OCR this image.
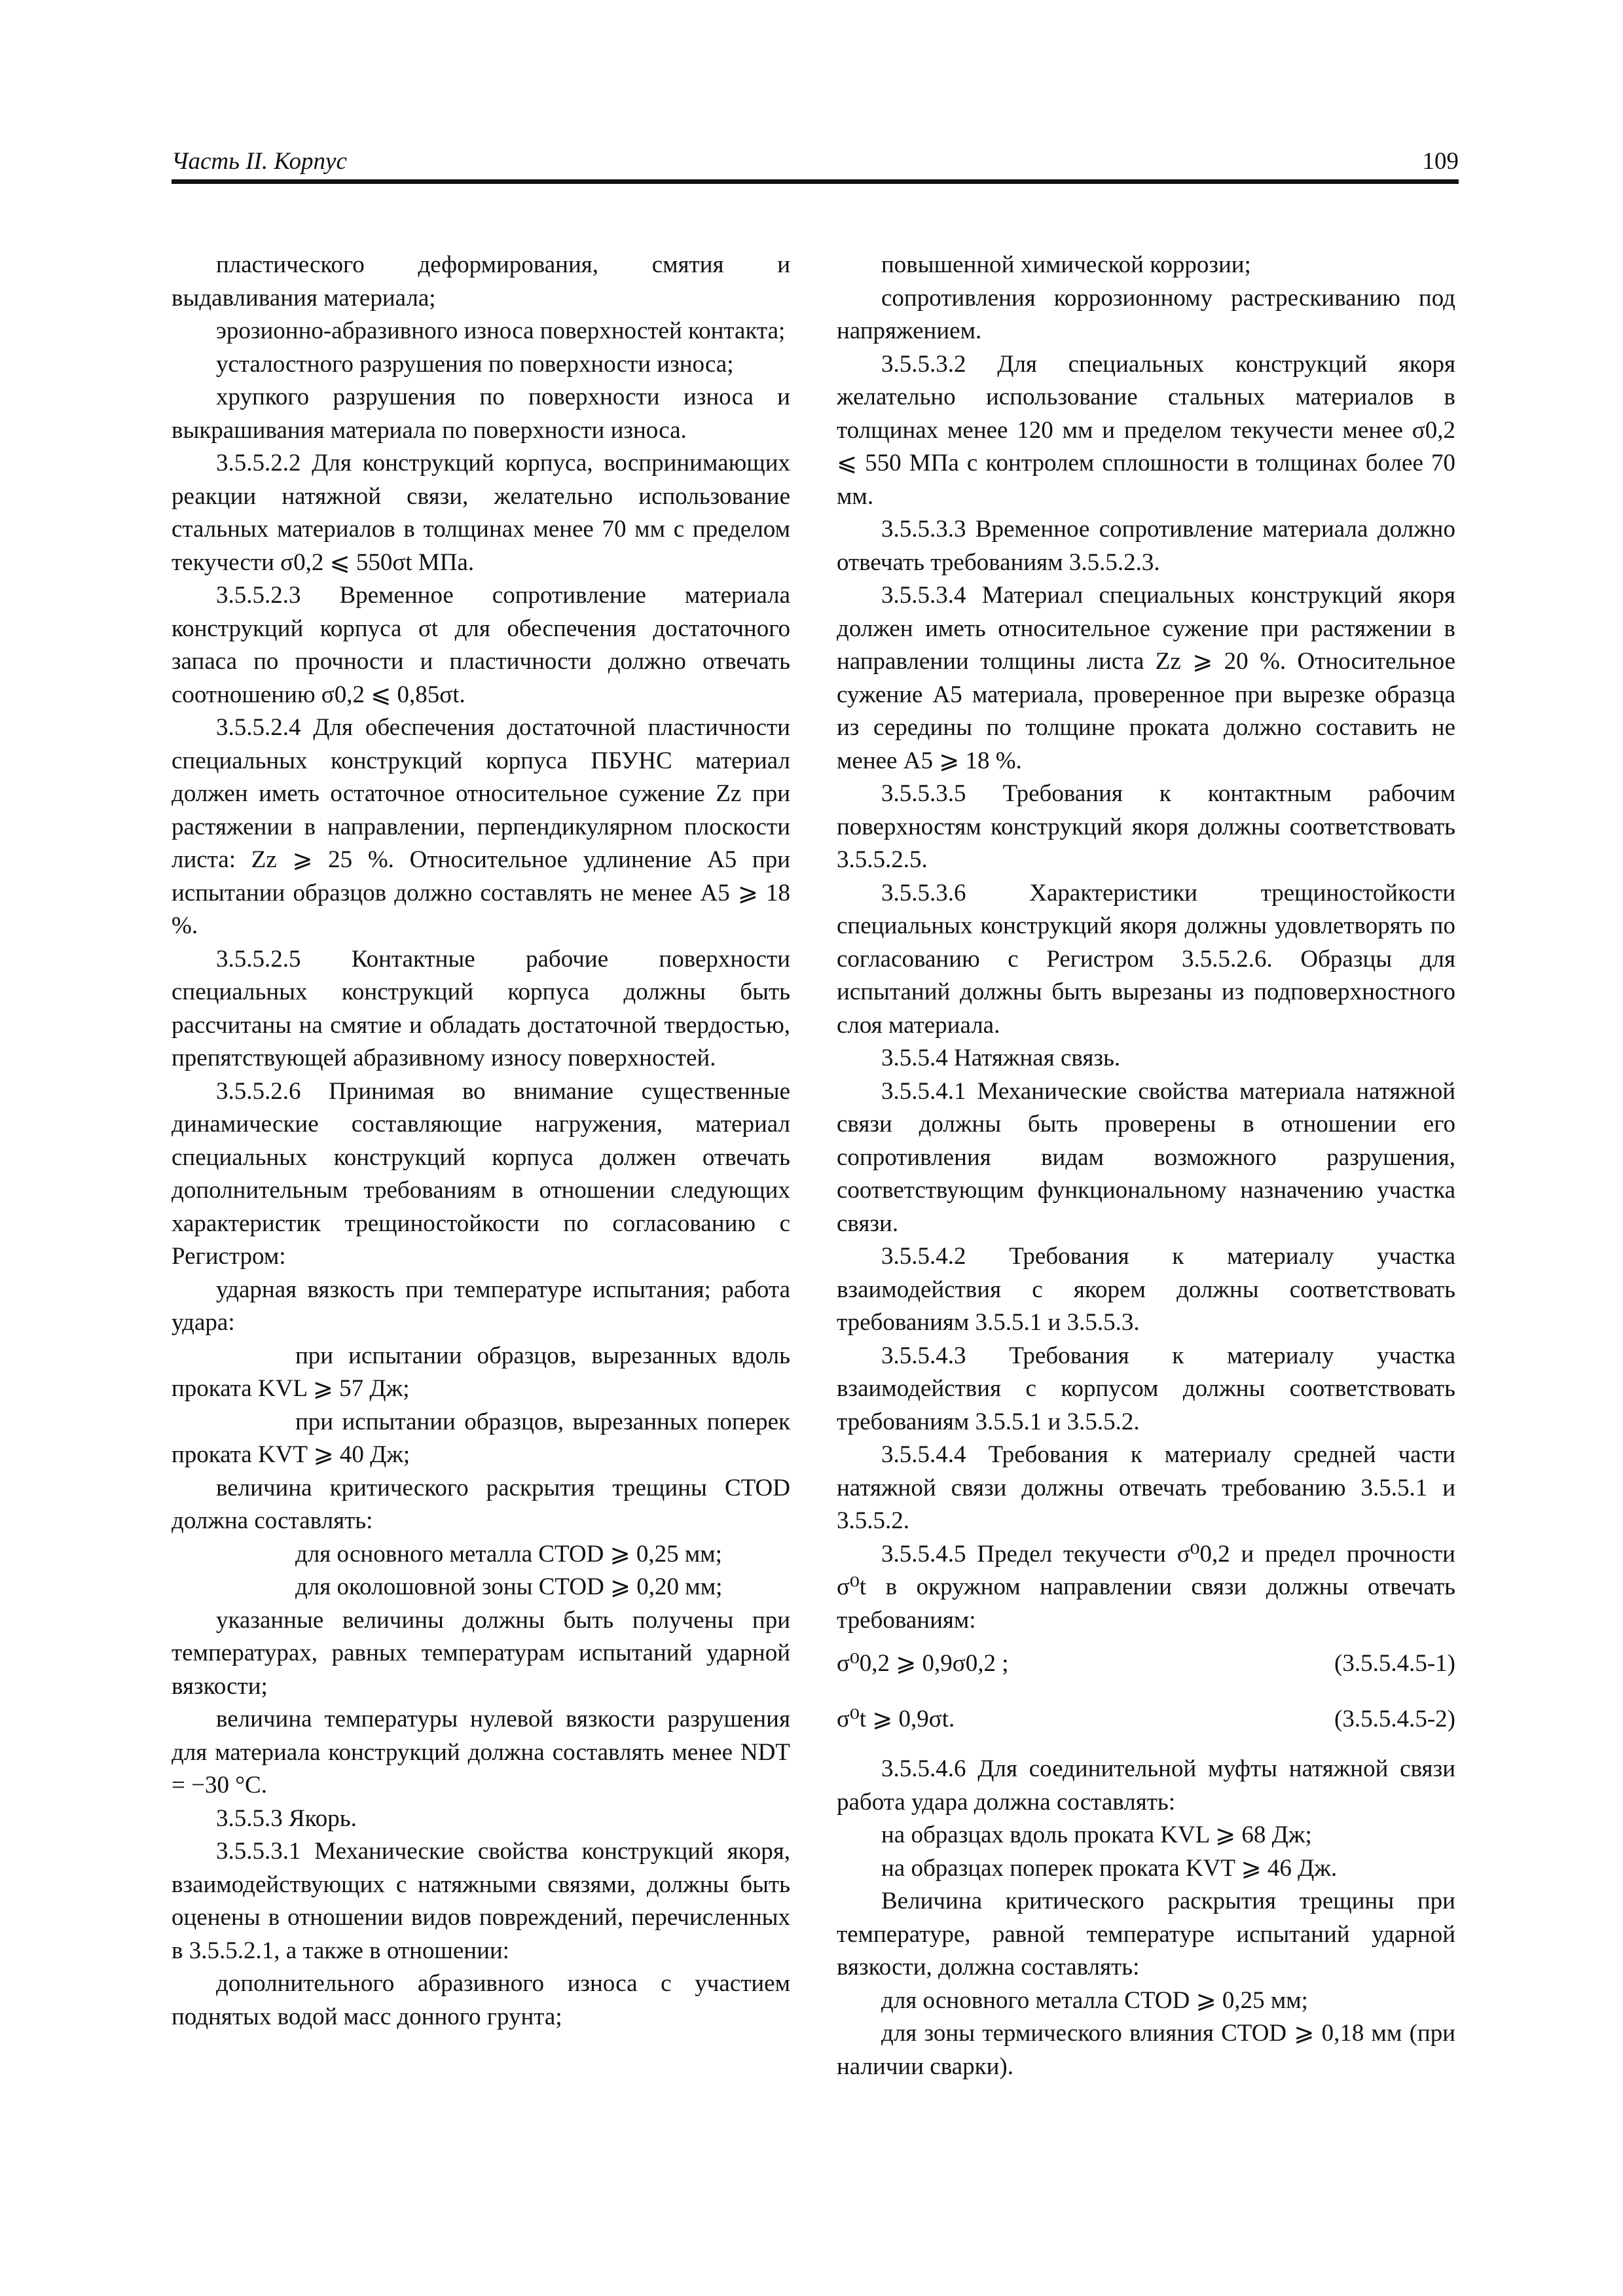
Часть II. Корпус	109

пластического деформирования, смятия и выдавливания материала;

эрозионно-абразивного износа поверхностей контакта;

усталостного разрушения по поверхности износа;

хрупкого разрушения по поверхности износа и выкрашивания материала по поверхности износа.

3.5.5.2.2 Для конструкций корпуса, воспринимающих реакции натяжной связи, желательно использование стальных материалов в толщинах менее 70 мм с пределом текучести σ0,2 ⩽ 550σt МПа.

3.5.5.2.3 Временное сопротивление материала конструкций корпуса σt для обеспечения достаточного запаса по прочности и пластичности должно отвечать соотношению σ0,2 ⩽ 0,85σt.

3.5.5.2.4 Для обеспечения достаточной пластичности специальных конструкций корпуса ПБУНС материал должен иметь остаточное относительное сужение Zz при растяжении в направлении, перпендикулярном плоскости листа: Zz ⩾ 25 %. Относительное удлинение A5 при испытании образцов должно составлять не менее A5 ⩾ 18 %.

3.5.5.2.5 Контактные рабочие поверхности специальных конструкций корпуса должны быть рассчитаны на смятие и обладать достаточной твердостью, препятствующей абразивному износу поверхностей.

3.5.5.2.6 Принимая во внимание существенные динамические составляющие нагружения, материал специальных конструкций корпуса должен отвечать дополнительным требованиям в отношении следующих характеристик трещиностойкости по согласованию с Регистром:

ударная вязкость при температуре испытания; работа удара:

при испытании образцов, вырезанных вдоль проката KVL ⩾ 57 Дж;

при испытании образцов, вырезанных поперек проката KVT ⩾ 40 Дж;

величина критического раскрытия трещины CTOD должна составлять:

для основного металла CTOD ⩾ 0,25 мм;

для околошовной зоны CTOD ⩾ 0,20 мм;

указанные величины должны быть получены при температурах, равных температурам испытаний ударной вязкости;

величина температуры нулевой вязкости разрушения для материала конструкций должна составлять менее NDT = −30 °С.

3.5.5.3 Якорь.

3.5.5.3.1 Механические свойства конструкций якоря, взаимодействующих с натяжными связями, должны быть оценены в отношении видов повреждений, перечисленных в 3.5.5.2.1, а также в отношении:

дополнительного абразивного износа с участием поднятых водой масс донного грунта;

повышенной химической коррозии;

сопротивления коррозионному растрескиванию под напряжением.

3.5.5.3.2 Для специальных конструкций якоря желательно использование стальных материалов в толщинах менее 120 мм и пределом текучести менее σ0,2 ⩽ 550 МПа с контролем сплошности в толщинах более 70 мм.

3.5.5.3.3 Временное сопротивление материала должно отвечать требованиям 3.5.5.2.3.

3.5.5.3.4 Материал специальных конструкций якоря должен иметь относительное сужение при растяжении в направлении толщины листа Zz ⩾ 20 %. Относительное сужение A5 материала, проверенное при вырезке образца из середины по толщине проката должно составить не менее A5 ⩾ 18 %.

3.5.5.3.5 Требования к контактным рабочим поверхностям конструкций якоря должны соответствовать 3.5.5.2.5.

3.5.5.3.6 Характеристики трещиностойкости специальных конструкций якоря должны удовлетворять по согласованию с Регистром 3.5.5.2.6. Образцы для испытаний должны быть вырезаны из подповерхностного слоя материала.

3.5.5.4 Натяжная связь.

3.5.5.4.1 Механические свойства материала натяжной связи должны быть проверены в отношении его сопротивления видам возможного разрушения, соответствующим функциональному назначению участка связи.

3.5.5.4.2 Требования к материалу участка взаимодействия с якорем должны соответствовать требованиям 3.5.5.1 и 3.5.5.3.

3.5.5.4.3 Требования к материалу участка взаимодействия с корпусом должны соответствовать требованиям 3.5.5.1 и 3.5.5.2.

3.5.5.4.4 Требования к материалу средней части натяжной связи должны отвечать требованию 3.5.5.1 и 3.5.5.2.

3.5.5.4.5 Предел текучести σ⁰0,2 и предел прочности σ⁰t в окружном направлении связи должны отвечать требованиям:

σ⁰0,2 ⩾ 0,9σ0,2 ;	(3.5.5.4.5-1)

σ⁰t ⩾ 0,9σt.	(3.5.5.4.5-2)

3.5.5.4.6 Для соединительной муфты натяжной связи работа удара должна составлять:

на образцах вдоль проката KVL ⩾ 68 Дж;

на образцах поперек проката KVT ⩾ 46 Дж.

Величина критического раскрытия трещины при температуре, равной температуре испытаний ударной вязкости, должна составлять:

для основного металла CTOD ⩾ 0,25 мм;

для зоны термического влияния CTOD ⩾ 0,18 мм (при наличии сварки).
